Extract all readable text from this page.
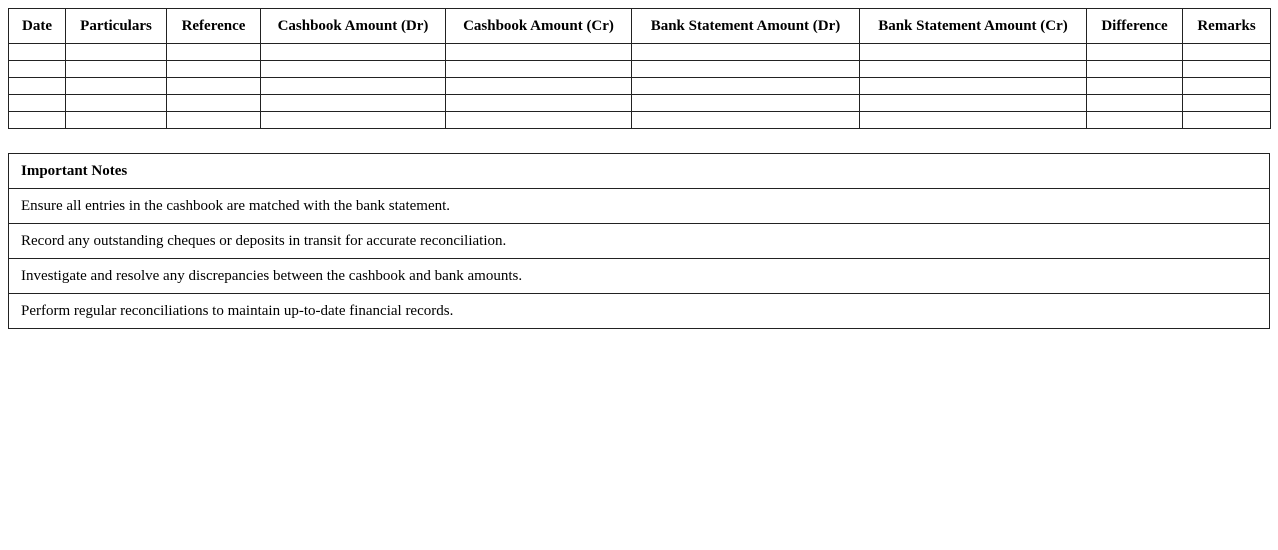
Date	Particulars	Reference	Cashbook Amount (Dr)	Cashbook Amount (Cr)	Bank Statement Amount (Dr)	Bank Statement Amount (Cr)	Difference	Remarks

Important Notes
Ensure all entries in the cashbook are matched with the bank statement.
Record any outstanding cheques or deposits in transit for accurate reconciliation.
Investigate and resolve any discrepancies between the cashbook and bank amounts.
Perform regular reconciliations to maintain up-to-date financial records.
